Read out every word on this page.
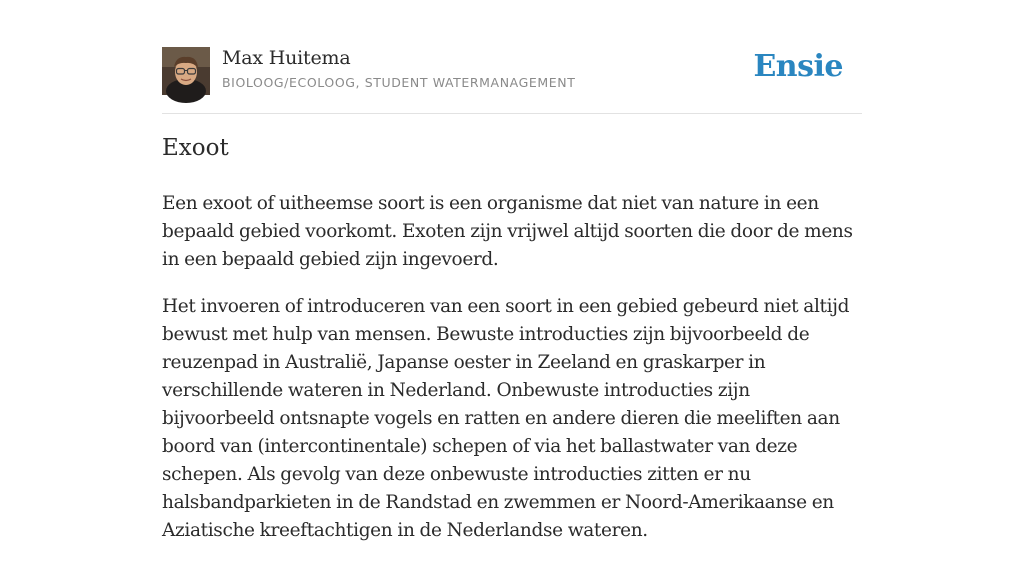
Max Huitema
BIOLOOG/ECOLOOG, STUDENT WATERMANAGEMENT	Ensie
Exoot

Een exoot of uitheemse soort is een organisme dat niet van nature in een bepaald gebied voorkomt. Exoten zijn vrijwel altijd soorten die door de mens in een bepaald gebied zijn ingevoerd.

Het invoeren of introduceren van een soort in een gebied gebeurd niet altijd bewust met hulp van mensen. Bewuste introducties zijn bijvoorbeeld de reuzenpad in Australië, Japanse oester in Zeeland en graskarper in verschillende wateren in Nederland. Onbewuste introducties zijn bijvoorbeeld ontsnapte vogels en ratten en andere dieren die meeliften aan boord van (intercontinentale) schepen of via het ballastwater van deze schepen. Als gevolg van deze onbewuste introducties zitten er nu halsbandparkieten in de Randstad en zwemmen er Noord-Amerikaanse en Aziatische kreeftachtigen in de Nederlandse wateren.
